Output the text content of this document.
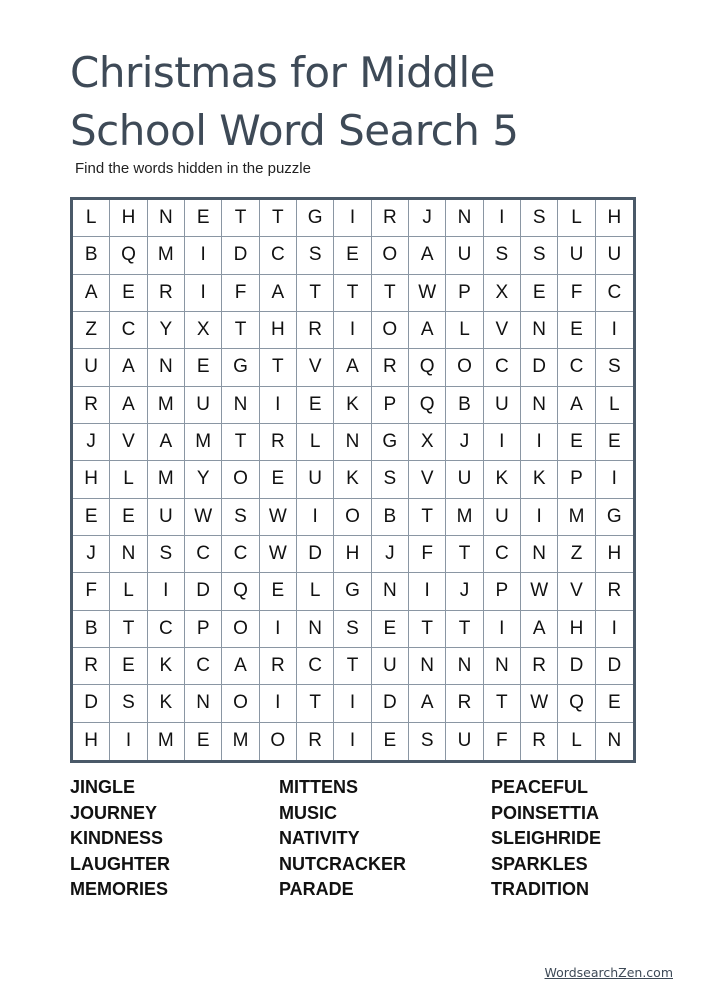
Christmas for Middle
School Word Search 5
Find the words hidden in the puzzle
L	H	N	E	T	T	G	I	R	J	N	I	S	L	H
B	Q	M	I	D	C	S	E	O	A	U	S	S	U	U
A	E	R	I	F	A	T	T	T	W	P	X	E	F	C
Z	C	Y	X	T	H	R	I	O	A	L	V	N	E	I
U	A	N	E	G	T	V	A	R	Q	O	C	D	C	S
R	A	M	U	N	I	E	K	P	Q	B	U	N	A	L
J	V	A	M	T	R	L	N	G	X	J	I	I	E	E
H	L	M	Y	O	E	U	K	S	V	U	K	K	P	I
E	E	U	W	S	W	I	O	B	T	M	U	I	M	G
J	N	S	C	C	W	D	H	J	F	T	C	N	Z	H
F	L	I	D	Q	E	L	G	N	I	J	P	W	V	R
B	T	C	P	O	I	N	S	E	T	T	I	A	H	I
R	E	K	C	A	R	C	T	U	N	N	N	R	D	D
D	S	K	N	O	I	T	I	D	A	R	T	W	Q	E
H	I	M	E	M	O	R	I	E	S	U	F	R	L	N
JINGLE
JOURNEY
KINDNESS
LAUGHTER
MEMORIES
MITTENS
MUSIC
NATIVITY
NUTCRACKER
PARADE
PEACEFUL
POINSETTIA
SLEIGHRIDE
SPARKLES
TRADITION
WordsearchZen.com
